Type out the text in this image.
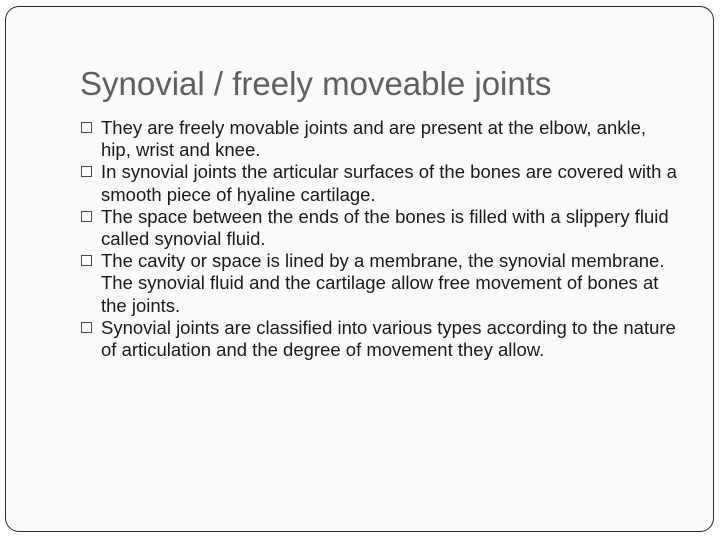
Synovial / freely moveable joints
They are freely movable joints and are present at the elbow, ankle, hip, wrist and knee.
In synovial joints the articular surfaces of the bones are covered with a smooth piece of hyaline cartilage.
The space between the ends of the bones is filled with a slippery fluid called synovial fluid.
The cavity or space is lined by a membrane, the synovial membrane. The synovial fluid and the cartilage allow free movement of bones at the joints.
Synovial joints are classified into various types according to the nature of articulation and the degree of movement they allow.
